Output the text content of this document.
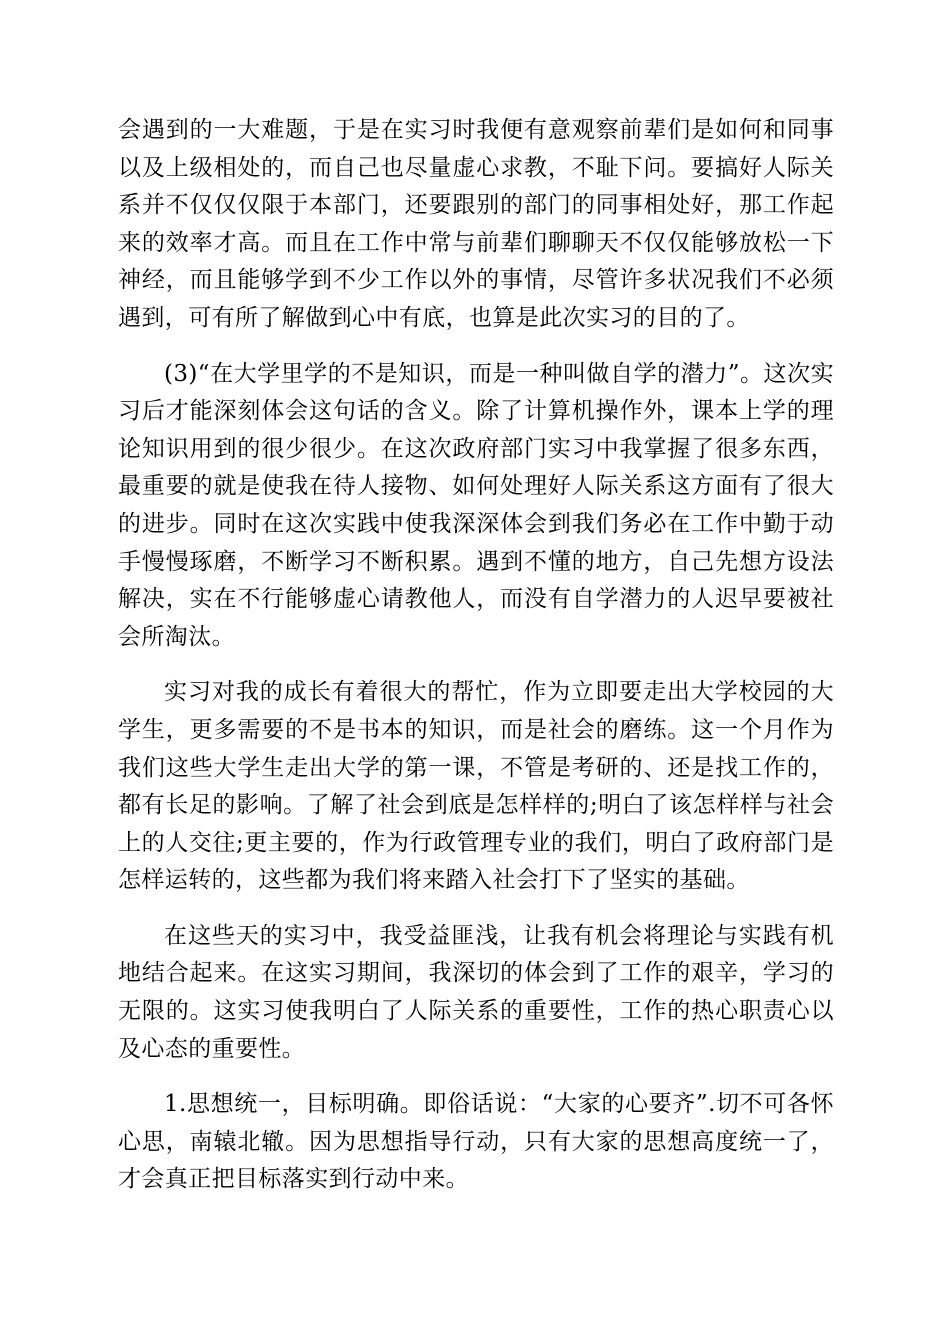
会遇到的一大难题，于是在实习时我便有意观察前辈们是如何和同事以及上级相处的，而自己也尽量虚心求教，不耻下问。要搞好人际关系并不仅仅仅限于本部门，还要跟别的部门的同事相处好，那工作起来的效率才高。而且在工作中常与前辈们聊聊天不仅仅能够放松一下神经，而且能够学到不少工作以外的事情，尽管许多状况我们不必须遇到，可有所了解做到心中有底，也算是此次实习的目的了。

(3)“在大学里学的不是知识，而是一种叫做自学的潜力”。这次实习后才能深刻体会这句话的含义。除了计算机操作外，课本上学的理论知识用到的很少很少。在这次政府部门实习中我掌握了很多东西，最重要的就是使我在待人接物、如何处理好人际关系这方面有了很大的进步。同时在这次实践中使我深深体会到我们务必在工作中勤于动手慢慢琢磨，不断学习不断积累。遇到不懂的地方，自己先想方设法解决，实在不行能够虚心请教他人，而没有自学潜力的人迟早要被社会所淘汰。

实习对我的成长有着很大的帮忙，作为立即要走出大学校园的大学生，更多需要的不是书本的知识，而是社会的磨练。这一个月作为我们这些大学生走出大学的第一课，不管是考研的、还是找工作的，都有长足的影响。了解了社会到底是怎样样的;明白了该怎样样与社会上的人交往;更主要的，作为行政管理专业的我们，明白了政府部门是怎样运转的，这些都为我们将来踏入社会打下了坚实的基础。

在这些天的实习中，我受益匪浅，让我有机会将理论与实践有机地结合起来。在这实习期间，我深切的体会到了工作的艰辛，学习的无限的。这实习使我明白了人际关系的重要性，工作的热心职责心以及心态的重要性。

1.思想统一，目标明确。即俗话说：“大家的心要齐”.切不可各怀心思，南辕北辙。因为思想指导行动，只有大家的思想高度统一了，才会真正把目标落实到行动中来。
